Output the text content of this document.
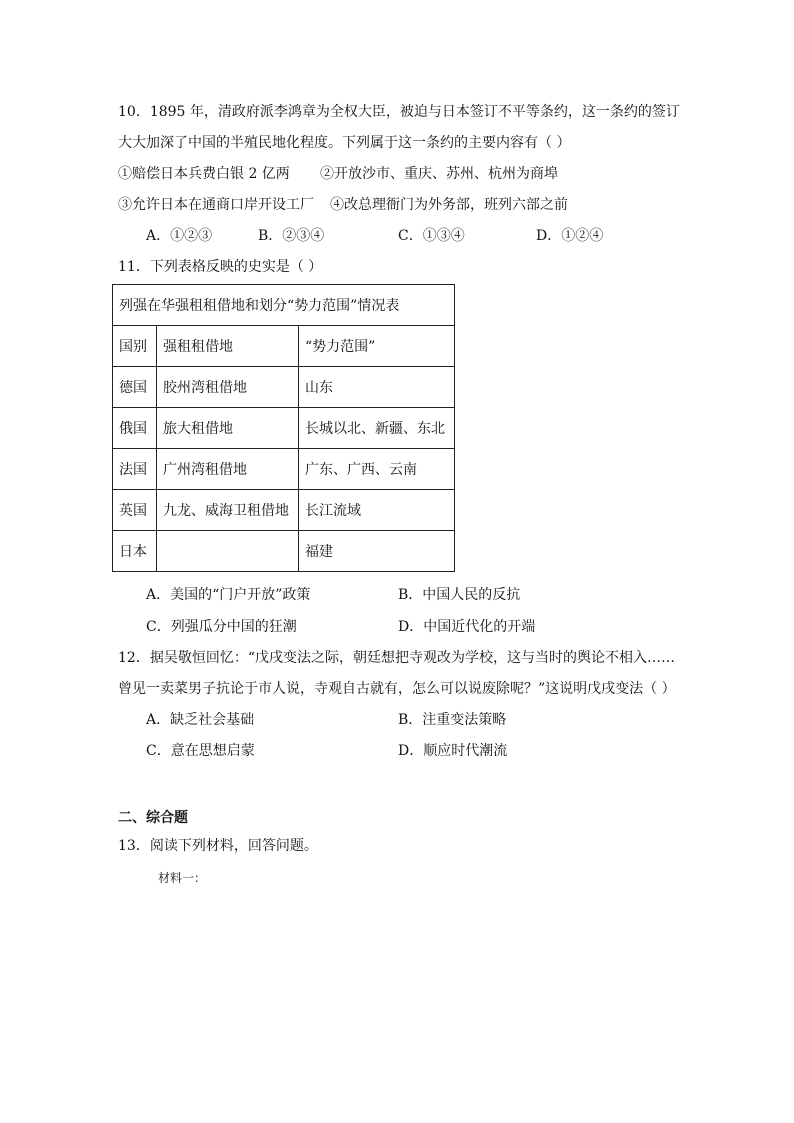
10．1895 年，清政府派李鸿章为全权大臣，被迫与日本签订不平等条约，这一条约的签订
大大加深了中国的半殖民地化程度。下列属于这一条约的主要内容有（ ）
①赔偿日本兵费白银 2 亿两 ②开放沙市、重庆、苏州、杭州为商埠
③允许日本在通商口岸开设工厂 ④改总理衙门为外务部，班列六部之前
A．①②③	B．②③④	C．①③④	D．①②④
11．下列表格反映的史实是（ ）
列强在华强租租借地和划分“势力范围”情况表		
国别	强租租借地	“势力范围”
德国	胶州湾租借地	山东
俄国	旅大租借地	长城以北、新疆、东北
法国	广州湾租借地	广东、广西、云南
英国	九龙、威海卫租借地	长江流域
日本		福建
A．美国的“门户开放”政策	B．中国人民的反抗
C．列强瓜分中国的狂潮	D．中国近代化的开端
12．据吴敬恒回忆：“戊戌变法之际，朝廷想把寺观改为学校，这与当时的舆论不相入……
曾见一卖菜男子抗论于市人说，寺观自古就有，怎么可以说废除呢？”这说明戊戌变法（ ）
A．缺乏社会基础	B．注重变法策略
C．意在思想启蒙	D．顺应时代潮流
二、综合题
13．阅读下列材料，回答问题。
材料一：
